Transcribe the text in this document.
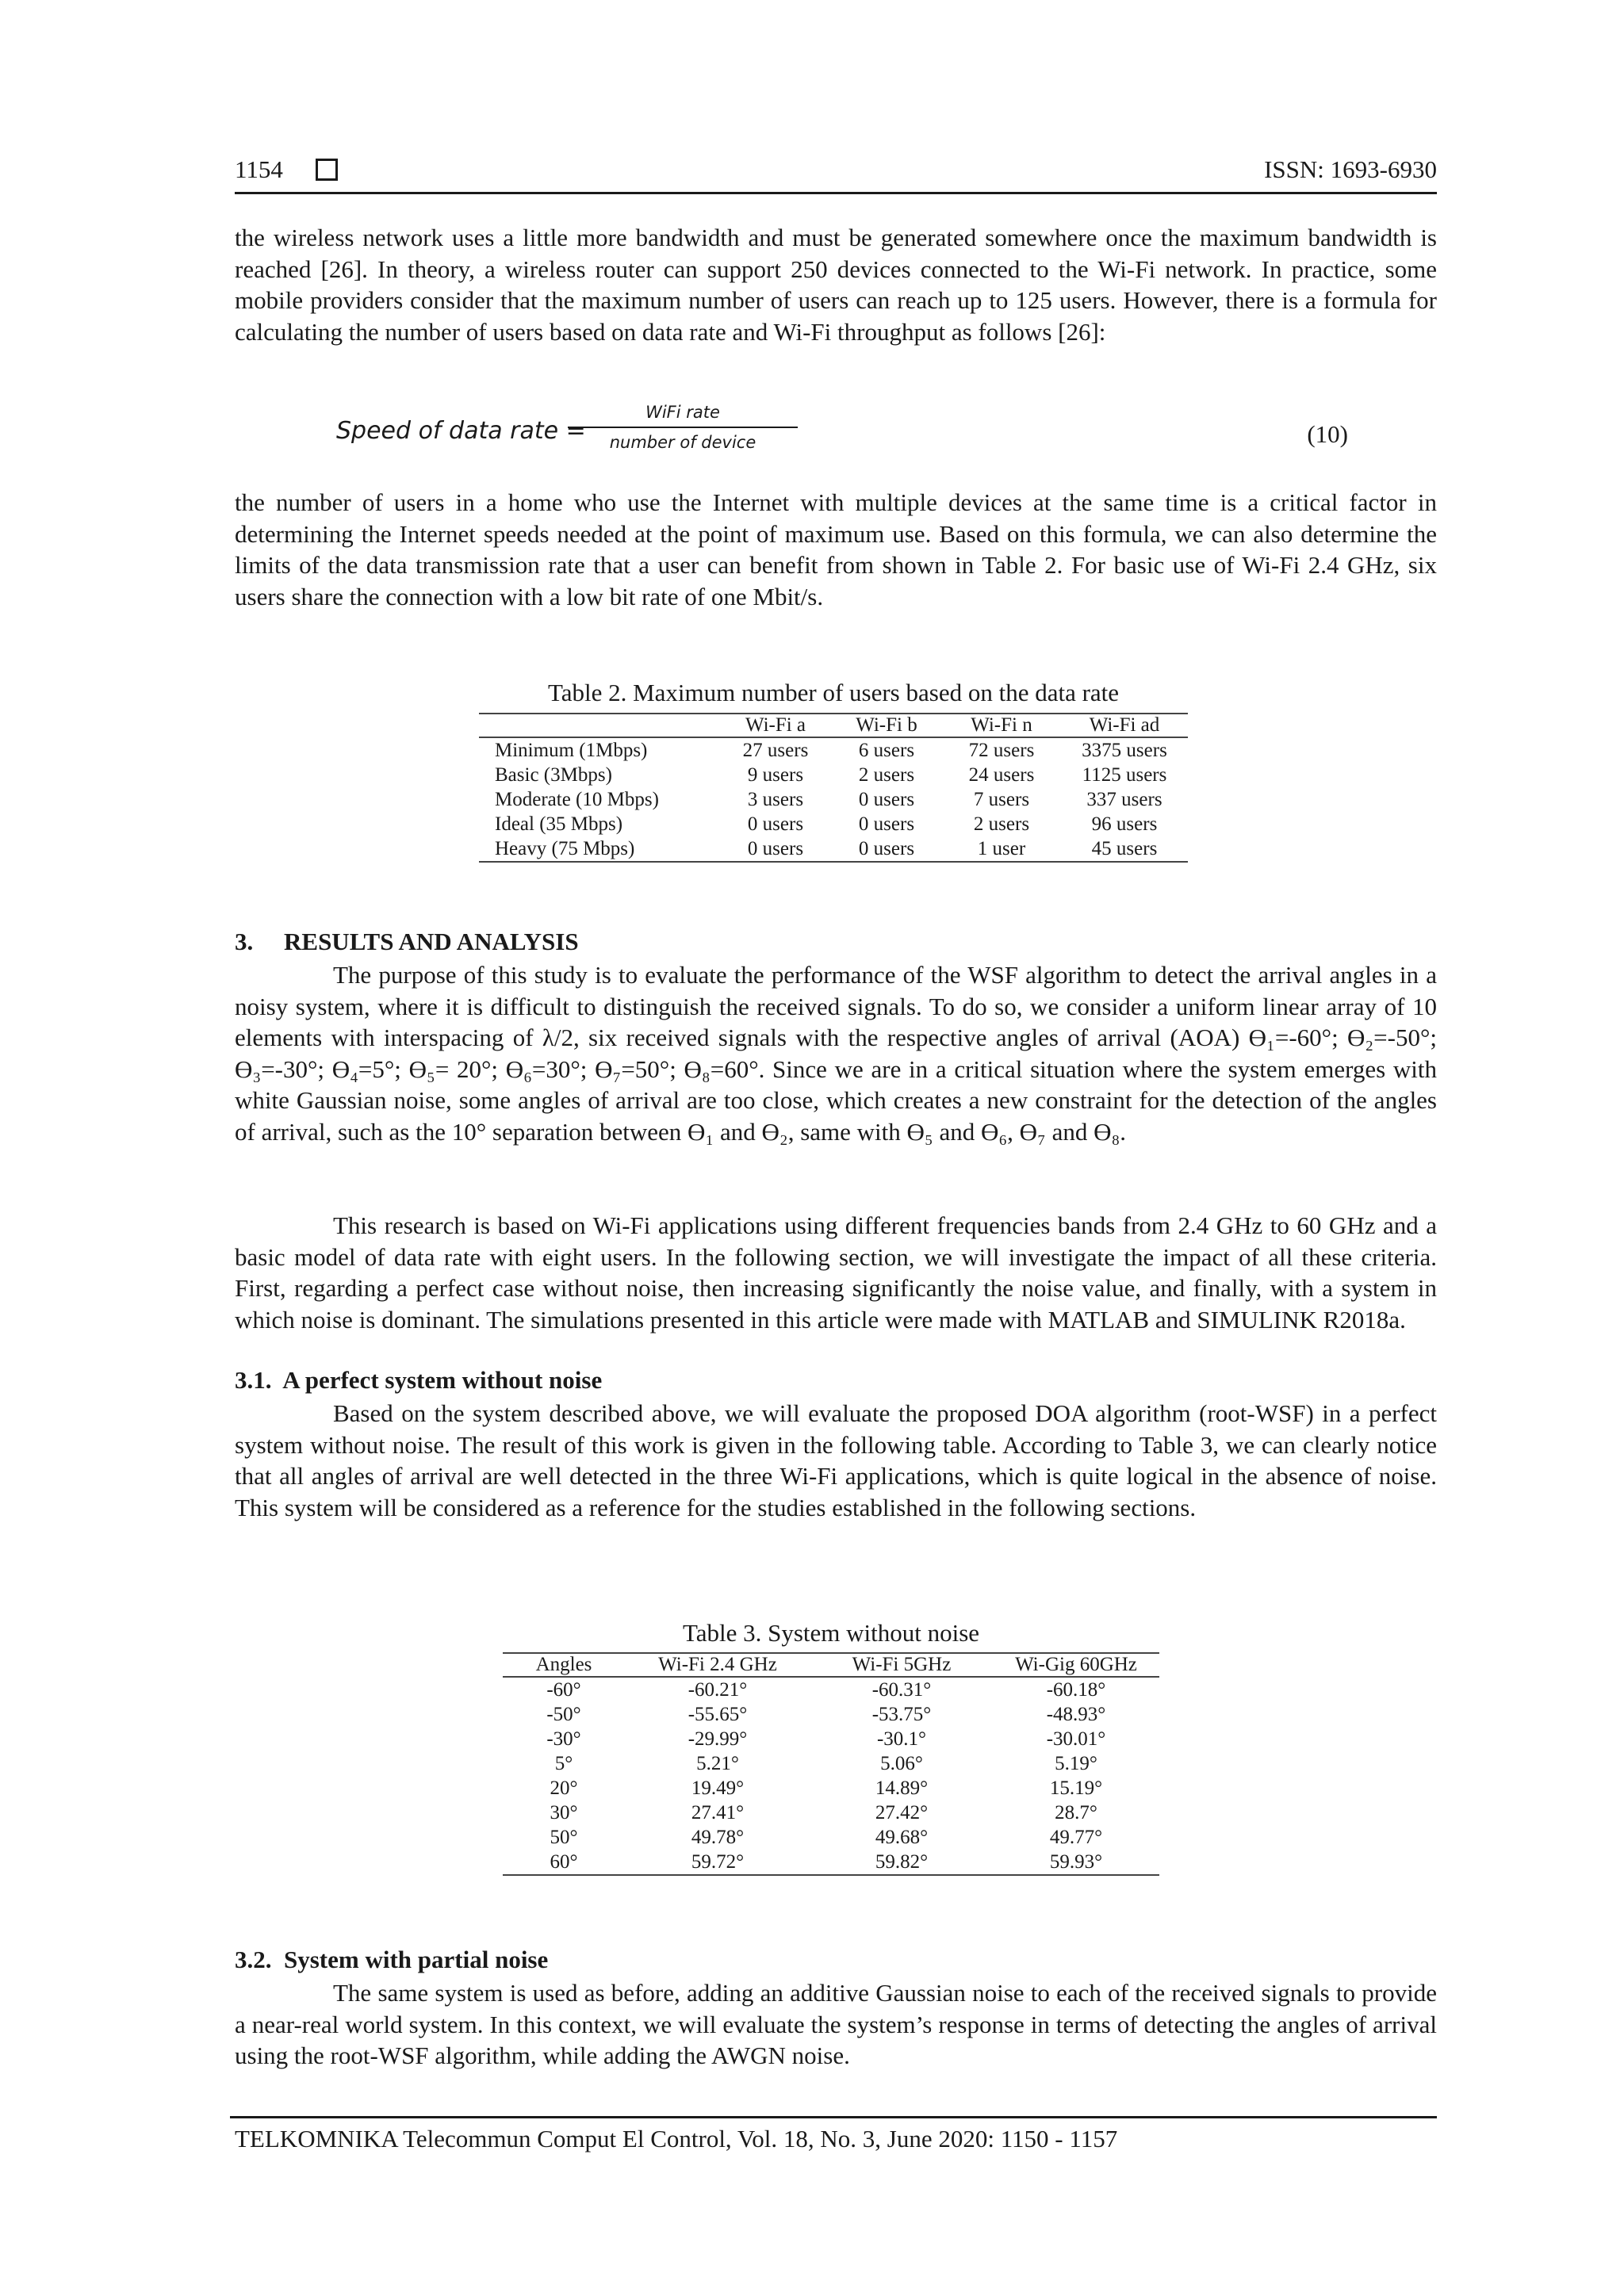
1154	ISSN: 1693-6930

the wireless network uses a little more bandwidth and must be generated somewhere once the maximum bandwidth is reached [26]. In theory, a wireless router can support 250 devices connected to the Wi-Fi network. In practice, some mobile providers consider that the maximum number of users can reach up to 125 users. However, there is a formula for calculating the number of users based on data rate and Wi-Fi throughput as follows [26]:

Speed of data rate =
WiFi rate
number of device	(10)

the number of users in a home who use the Internet with multiple devices at the same time is a critical factor in determining the Internet speeds needed at the point of maximum use. Based on this formula, we can also determine the limits of the data transmission rate that a user can benefit from shown in Table 2. For basic use of Wi-Fi 2.4 GHz, six users share the connection with a low bit rate of one Mbit/s.

Table 2. Maximum number of users based on the data rate
	Wi-Fi a	Wi-Fi b	Wi-Fi n	Wi-Fi ad
Minimum (1Mbps)	27 users	6 users	72 users	3375 users
Basic (3Mbps)	9 users	2 users	24 users	1125 users
Moderate (10 Mbps)	3 users	0 users	7 users	337 users
Ideal (35 Mbps)	0 users	0 users	2 users	96 users
Heavy (75 Mbps)	0 users	0 users	1 user	45 users
3.     RESULTS AND ANALYSIS

The purpose of this study is to evaluate the performance of the WSF algorithm to detect the arrival angles in a noisy system, where it is difficult to distinguish the received signals. To do so, we consider a uniform linear array of 10 elements with interspacing of λ/2, six received signals with the respective angles of arrival (AOA) ϴ₁=-60°; ϴ₂=-50°; ϴ₃=-30°; ϴ₄=5°; ϴ₅= 20°; ϴ₆=30°; ϴ₇=50°; ϴ₈=60°. Since we are in a critical situation where the system emerges with white Gaussian noise, some angles of arrival are too close, which creates a new constraint for the detection of the angles of arrival, such as the 10° separation between ϴ₁ and ϴ₂, same with ϴ₅ and ϴ₆, ϴ₇ and ϴ₈.

This research is based on Wi-Fi applications using different frequencies bands from 2.4 GHz to 60 GHz and a basic model of data rate with eight users. In the following section, we will investigate the impact of all these criteria. First, regarding a perfect case without noise, then increasing significantly the noise value, and finally, with a system in which noise is dominant. The simulations presented in this article were made with MATLAB and SIMULINK R2018a.

3.1.  A perfect system without noise

Based on the system described above, we will evaluate the proposed DOA algorithm (root-WSF) in a perfect system without noise. The result of this work is given in the following table. According to Table 3, we can clearly notice that all angles of arrival are well detected in the three Wi-Fi applications, which is quite logical in the absence of noise. This system will be considered as a reference for the studies established in the following sections.

Table 3. System without noise
Angles	Wi-Fi 2.4 GHz	Wi-Fi 5GHz	Wi-Gig 60GHz
-60°	-60.21°	-60.31°	-60.18°
-50°	-55.65°	-53.75°	-48.93°
-30°	-29.99°	-30.1°	-30.01°
5°	5.21°	5.06°	5.19°
20°	19.49°	14.89°	15.19°
30°	27.41°	27.42°	28.7°
50°	49.78°	49.68°	49.77°
60°	59.72°	59.82°	59.93°
3.2.  System with partial noise

The same system is used as before, adding an additive Gaussian noise to each of the received signals to provide a near-real world system. In this context, we will evaluate the system’s response in terms of detecting the angles of arrival using the root-WSF algorithm, while adding the AWGN noise.

TELKOMNIKA Telecommun Comput El Control, Vol. 18, No. 3, June 2020: 1150 - 1157
